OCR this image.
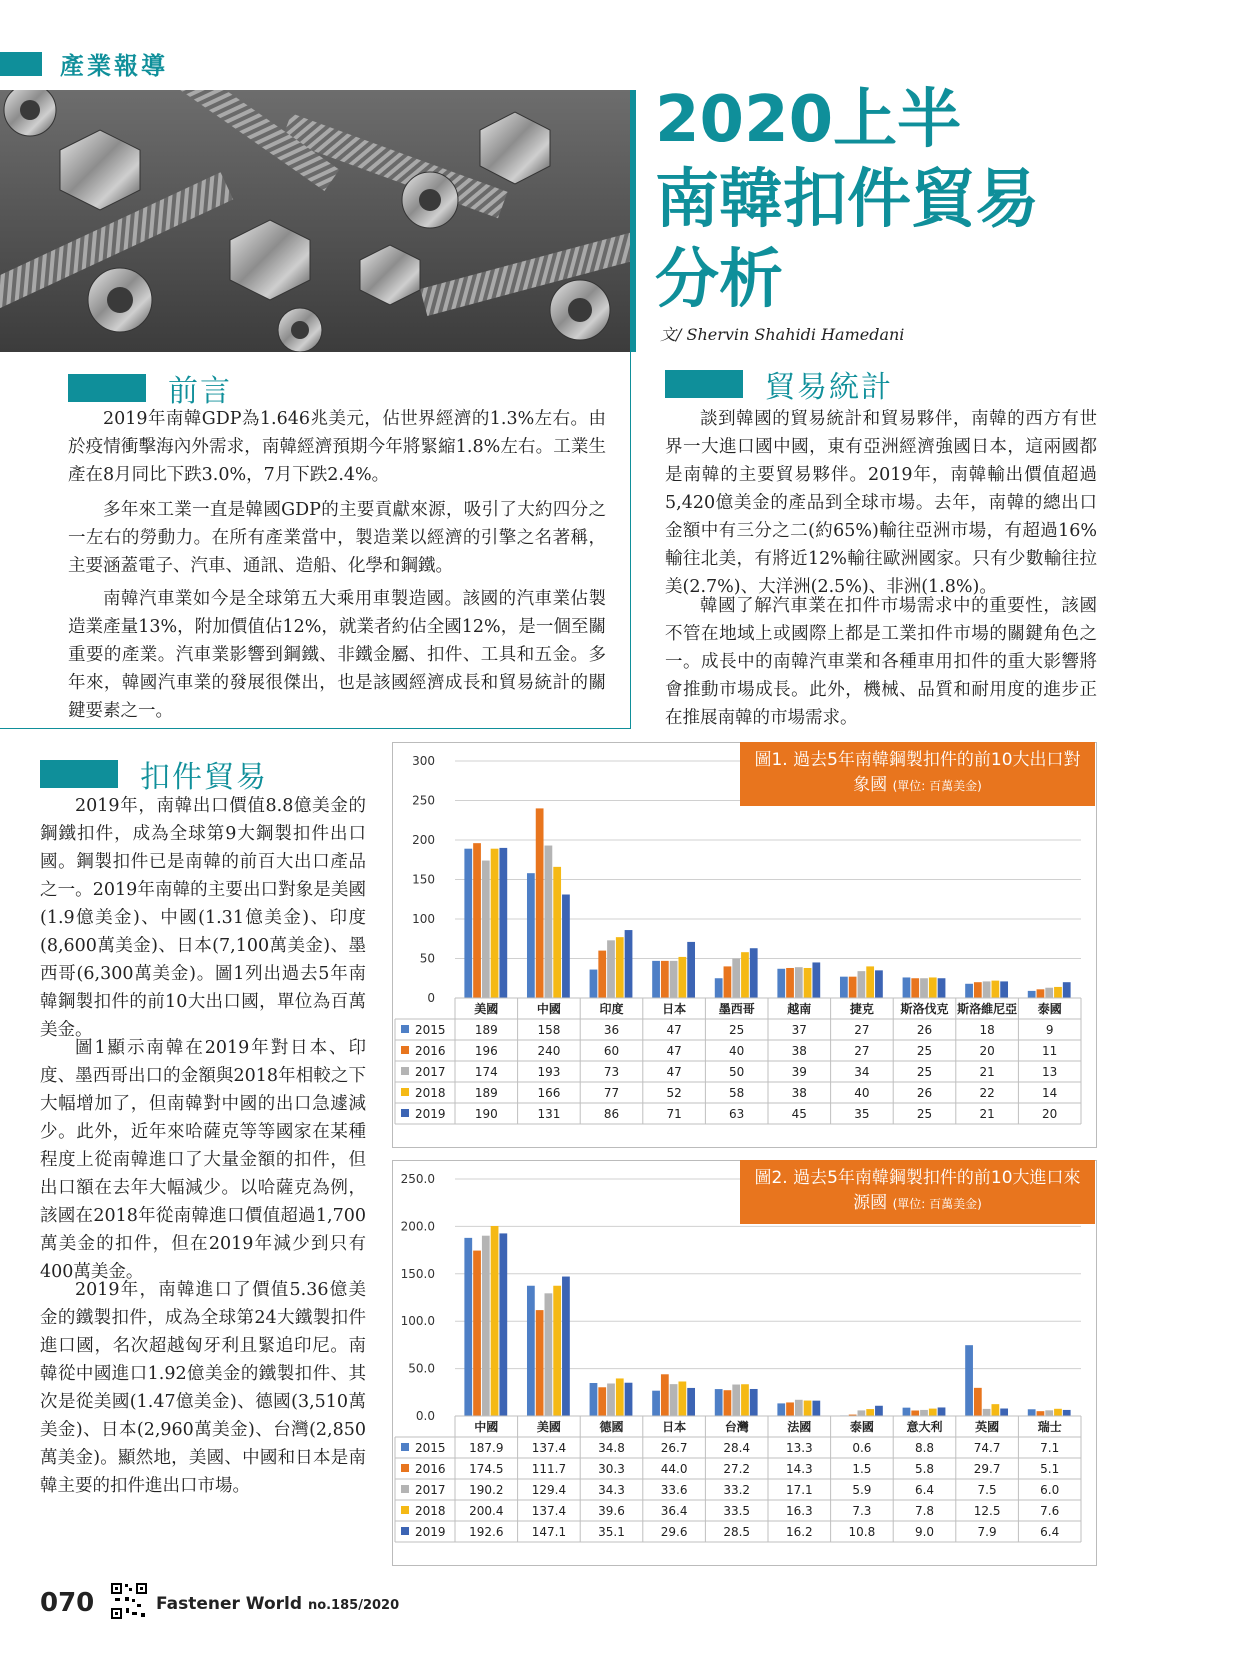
產業報導
2020上半
南韓扣件貿易
分析
文/ Shervin Shahidi Hamedani
前言

2019年南韓GDP為1.646兆美元，佔世界經濟的1.3%左右。由於疫情衝擊海內外需求，南韓經濟預期今年將緊縮1.8%左右。工業生產在8月同比下跌3.0%，7月下跌2.4%。

多年來工業一直是韓國GDP的主要貢獻來源，吸引了大約四分之一左右的勞動力。在所有產業當中，製造業以經濟的引擎之名著稱，主要涵蓋電子、汽車、通訊、造船、化學和鋼鐵。

南韓汽車業如今是全球第五大乘用車製造國。該國的汽車業佔製造業產量13%，附加價值佔12%，就業者約佔全國12%，是一個至關重要的產業。汽車業影響到鋼鐵、非鐵金屬、扣件、工具和五金。多年來，韓國汽車業的發展很傑出，也是該國經濟成長和貿易統計的關鍵要素之一。

貿易統計

談到韓國的貿易統計和貿易夥伴，南韓的西方有世界一大進口國中國，東有亞洲經濟強國日本，這兩國都是南韓的主要貿易夥伴。2019年，南韓輸出價值超過5,420億美金的產品到全球市場。去年，南韓的總出口金額中有三分之二(約65%)輸往亞洲市場，有超過16%輸往北美，有將近12%輸往歐洲國家。只有少數輸往拉美(2.7%)、大洋洲(2.5%)、非洲(1.8%)。

韓國了解汽車業在扣件市場需求中的重要性，該國不管在地域上或國際上都是工業扣件市場的關鍵角色之一。成長中的南韓汽車業和各種車用扣件的重大影響將會推動市場成長。此外，機械、品質和耐用度的進步正在推展南韓的市場需求。

扣件貿易

2019年，南韓出口價值8.8億美金的鋼鐵扣件，成為全球第9大鋼製扣件出口國。鋼製扣件已是南韓的前百大出口產品之一。2019年南韓的主要出口對象是美國(1.9億美金)、中國(1.31億美金)、印度(8,600萬美金)、日本(7,100萬美金)、墨西哥(6,300萬美金)。圖1列出過去5年南韓鋼製扣件的前10大出口國，單位為百萬美金。

圖1顯示南韓在2019年對日本、印度、墨西哥出口的金額與2018年相較之下大幅增加了，但南韓對中國的出口急遽減少。此外，近年來哈薩克等等國家在某種程度上從南韓進口了大量金額的扣件，但出口額在去年大幅減少。以哈薩克為例，該國在2018年從南韓進口價值超過1,700萬美金的扣件，但在2019年減少到只有400萬美金。

2019年，南韓進口了價值5.36億美金的鐵製扣件，成為全球第24大鐵製扣件進口國，名次超越匈牙利且緊追印尼。南韓從中國進口1.92億美金的鐵製扣件、其次是從美國(1.47億美金)、德國(3,510萬美金)、日本(2,960萬美金)、台灣(2,850萬美金)。顯然地，美國、中國和日本是南韓主要的扣件進出口市場。

300
250
200
150
100
50
0
美國	中國	印度	日本	墨西哥	越南	捷克 斯洛伐克 斯洛維尼亞 泰國
2015 189	158	36	47	25	37	27	26	18	9
2016 196	240	60	47	40	38	27	25	20	11
2017 174	193	73	47	50	39	34	25	21	13
2018 189	166	77	52	58	38	40	26	22	14
2019 190	131	86	71	63	45	35	25	21	20
圖1. 過去5年南韓鋼製扣件的前10大出口對象國 (單位: 百萬美金)
250.0
200.0
150.0
100.0
50.0
0.0
中國	美國	德國	日本	台灣	法國	泰國	意大利	英國	瑞士
2015 187.9 137.4	34.8	26.7	28.4	13.3	0.6	8.8	74.7	7.1
2016 174.5 111.7	30.3	44.0	27.2	14.3	1.5	5.8	29.7	5.1
2017 190.2 129.4	34.3	33.6	33.2	17.1	5.9	6.4	7.5	6.0
2018 200.4 137.4	39.6	36.4	33.5	16.3	7.3	7.8	12.5	7.6
2019 192.6 147.1	35.1	29.6	28.5	16.2	10.8	9.0	7.9	6.4
圖2. 過去5年南韓鋼製扣件的前10大進口來源國 (單位: 百萬美金)
070	Fastener World no.185/2020
